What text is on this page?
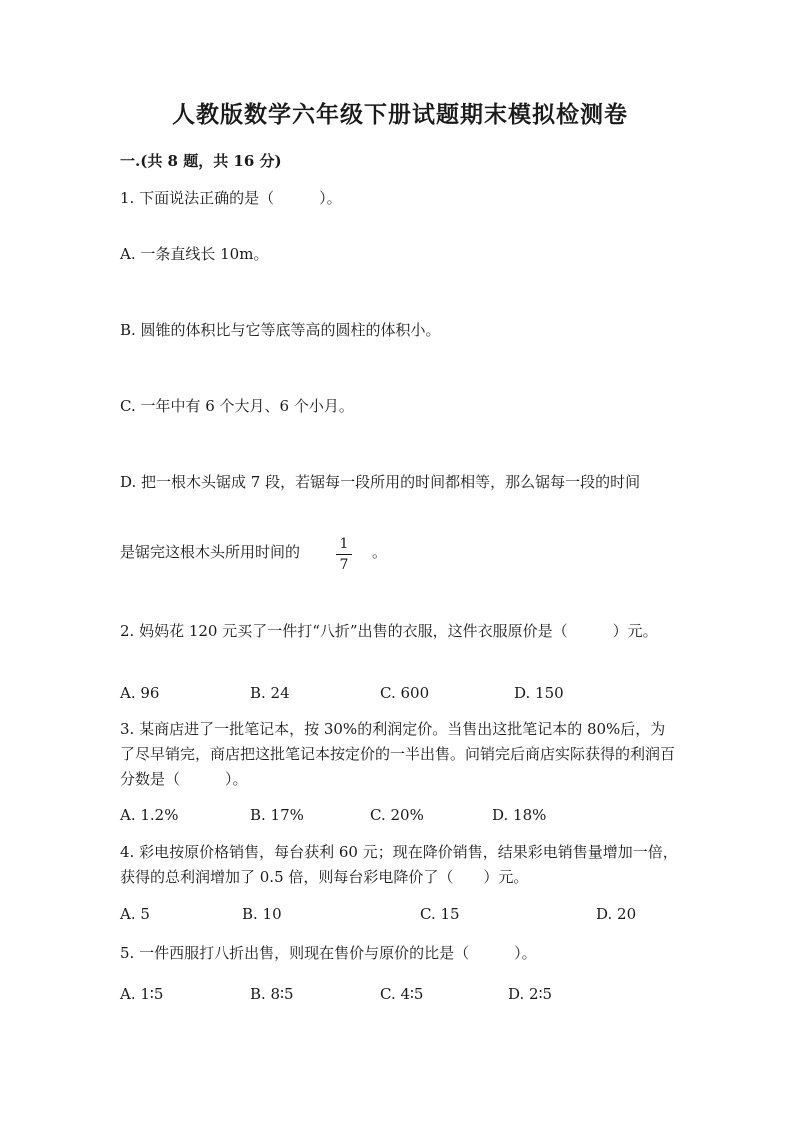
人教版数学六年级下册试题期末模拟检测卷
一.(共 8 题，共 16 分)
1. 下面说法正确的是（　　　）。
A. 一条直线长 10m。
B. 圆锥的体积比与它等底等高的圆柱的体积小。
C. 一年中有 6 个大月、6 个小月。
D. 把一根木头锯成 7 段，若锯每一段所用的时间都相等，那么锯每一段的时间
是锯完这根木头所用时间的	1
7
。
2. 妈妈花 120 元买了一件打“八折”出售的衣服，这件衣服原价是（　　　）元。
A. 96	B. 24	C. 600	D. 150
3. 某商店进了一批笔记本，按 30%的利润定价。当售出这批笔记本的 80%后，为了尽早销完，商店把这批笔记本按定价的一半出售。问销完后商店实际获得的利润百分数是（　　　）。
A. 1.2%	B. 17%	C. 20%	D. 18%
4. 彩电按原价格销售，每台获利 60 元；现在降价销售，结果彩电销售量增加一倍，获得的总利润增加了 0.5 倍，则每台彩电降价了（　　）元。
A. 5	B. 10	C. 15	D. 20
5. 一件西服打八折出售，则现在售价与原价的比是（　　　）。
A. 1∶5	B. 8∶5	C. 4∶5	D. 2∶5
